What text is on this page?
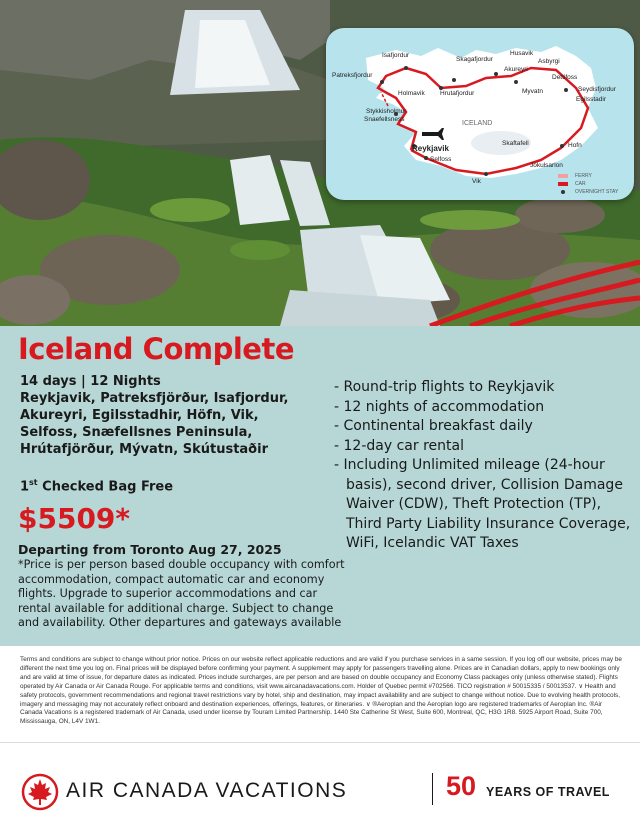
Isafjordur
Patreksfjordur
Holmavik Hrutafjordur
Stykkisholmur
Snaefellsness
Reykjavik
Selfoss
Vik
Skaftafell
Jokulsarlon
Hofn
Egilsstadir
Seydisfjordur
Dettifoss
Asbyrgi
Husavik
Akureyri
Myvatn
Skagafjordur
ICELAND
FERRY
CAR
OVERNIGHT STAY
Iceland Complete
14 days | 12 Nights
Reykjavik, Patreksfjörður, Isafjordur, Akureyri, Egilsstadhir, Höfn, Vik, Selfoss, Snæfellsnes Peninsula, Hrútafjörður, Mývatn, Skútustaðir
1st Checked Bag Free
$5509*
Departing from Toronto Aug 27, 2025
*Price is per person based double occupancy with comfort accommodation, compact automatic car and economy flights. Upgrade to superior accommodations and car rental available for additional charge. Subject to change and availability. Other departures and gateways available
- Round-trip flights to Reykjavik
- 12 nights of accommodation
- Continental breakfast daily
- 12-day car rental
- Including Unlimited mileage (24-hour basis), second driver, Collision Damage Waiver (CDW), Theft Protection (TP), Third Party Liability Insurance Coverage, WiFi, Icelandic VAT Taxes
Terms and conditions are subject to change without prior notice. Prices on our website reflect applicable reductions and are valid if you purchase services in a same session. If you log off our website, prices may be different the next time you log on. Final prices will be displayed before confirming your payment. A supplement may apply for passengers travelling alone. Prices are in Canadian dollars, apply to new bookings only and are valid at time of issue, for departure dates as indicated. Prices include surcharges, are per person and are based on double occupancy and Economy Class packages only (unless otherwise stated). Flights operated by Air Canada or Air Canada Rouge. For applicable terms and conditions, visit www.aircanadavacations.com. Holder of Quebec permit #702566. TICO registration # 50015335 / 50013537. ∨ Health and safety protocols, government recommendations and regional travel restrictions vary by hotel, ship and destination, may impact availability and are subject to change without notice. Due to evolving health protocols, imagery and messaging may not accurately reflect onboard and destination experiences, offerings, features, or itineraries. ∨ ®Aeroplan and the Aeroplan logo are registered trademarks of Aeroplan Inc. ®Air Canada Vacations is a registered trademark of Air Canada, used under license by Touram Limited Partnership. 1440 Ste Catherine St West, Suite 600, Montreal, QC, H3G 1R8. 5925 Airport Road, Suite 700, Mississauga, ON, L4V 1W1.
AIR CANADA VACATIONS	50 YEARS OF TRAVEL
